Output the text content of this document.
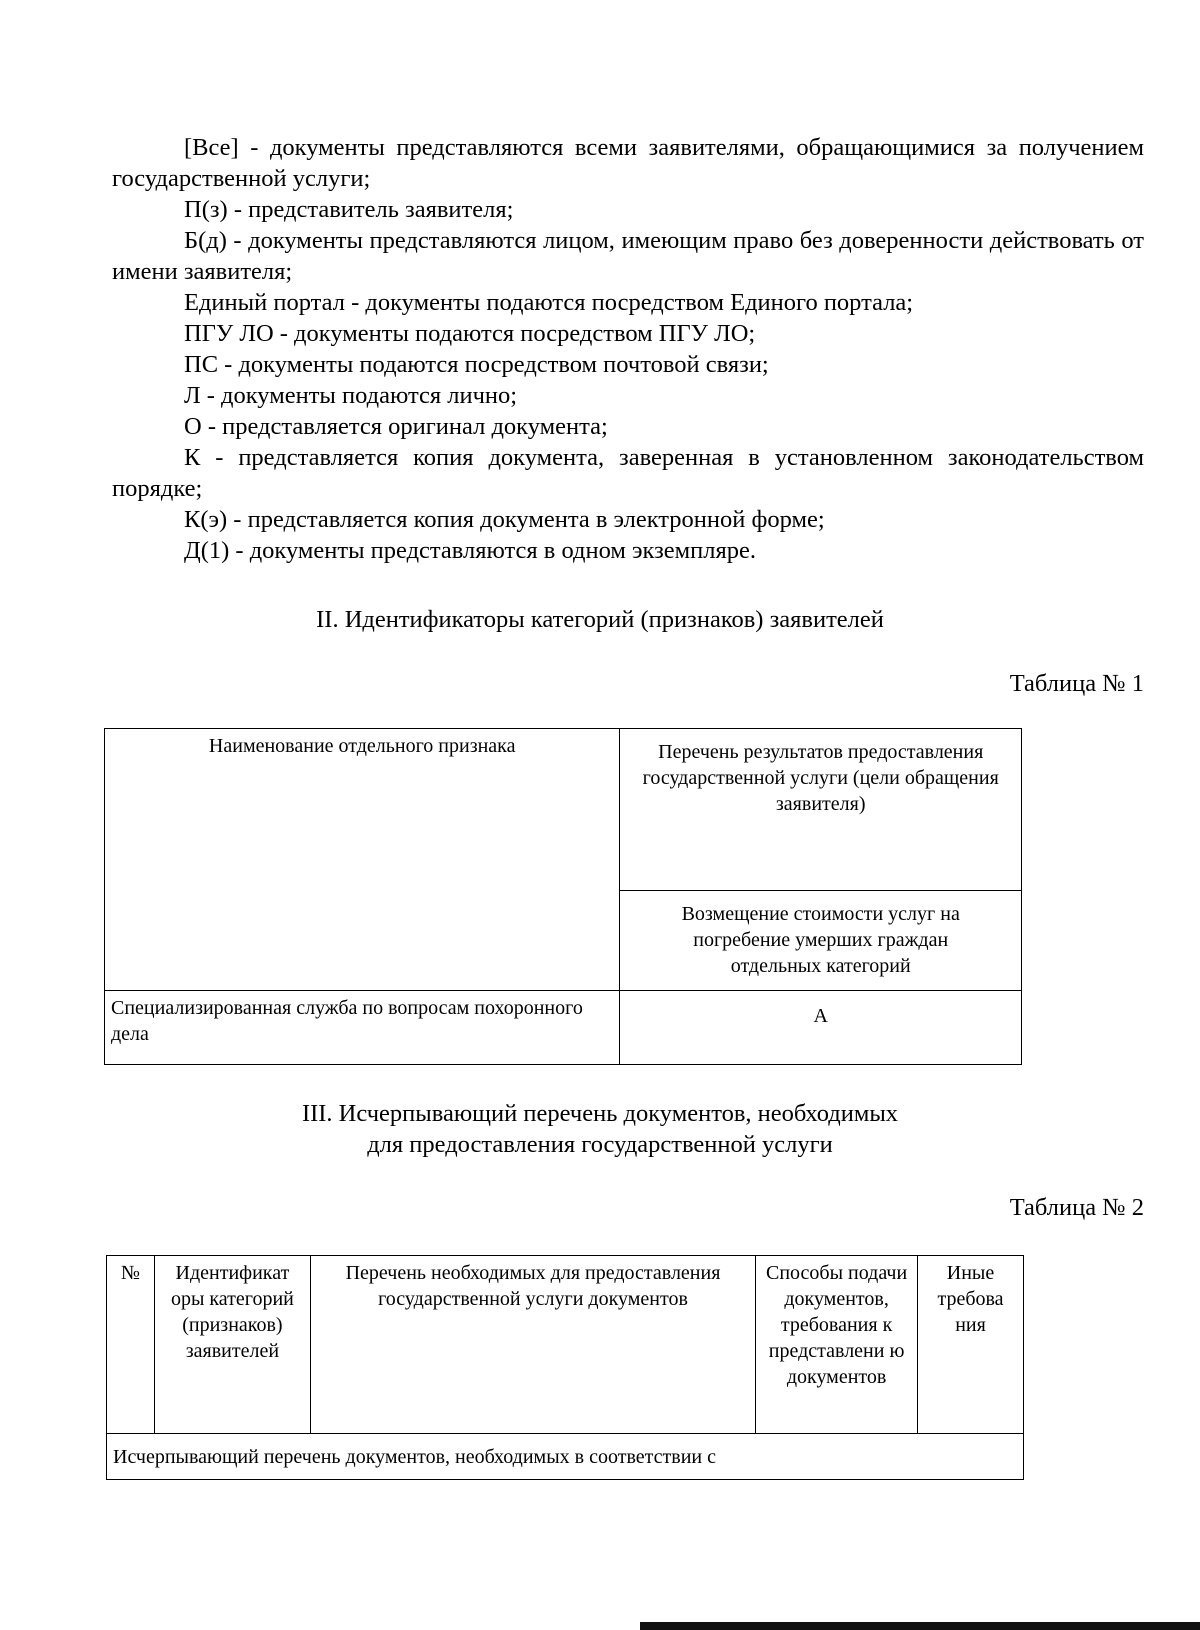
[Все] - документы представляются всеми заявителями, обращающимися за получением государственной услуги;
П(з) - представитель заявителя;
Б(д) - документы представляются лицом, имеющим право без доверенности действовать от имени заявителя;
Единый портал - документы подаются посредством Единого портала;
ПГУ ЛО - документы подаются посредством ПГУ ЛО;
ПС - документы подаются посредством почтовой связи;
Л - документы подаются лично;
О - представляется оригинал документа;
К - представляется копия документа, заверенная в установленном законодательством порядке;
К(э) - представляется копия документа в электронной форме;
Д(1) - документы представляются в одном экземпляре.
II. Идентификаторы категорий (признаков) заявителей
Таблица № 1
Наименование отдельного признака	Перечень результатов предоставления государственной услуги (цели обращения заявителя)
	Возмещение стоимости услуг на погребение умерших граждан отдельных категорий
Специализированная служба по вопросам похоронного дела	А
III. Исчерпывающий перечень документов, необходимых
для предоставления государственной услуги
Таблица № 2
№	Идентификат оры категорий (признаков) заявителей	Перечень необходимых для предоставления государственной услуги документов	Способы подачи документов, требования к представлени ю документов	Иные требова ния
Исчерпывающий перечень документов, необходимых в соответствии с
